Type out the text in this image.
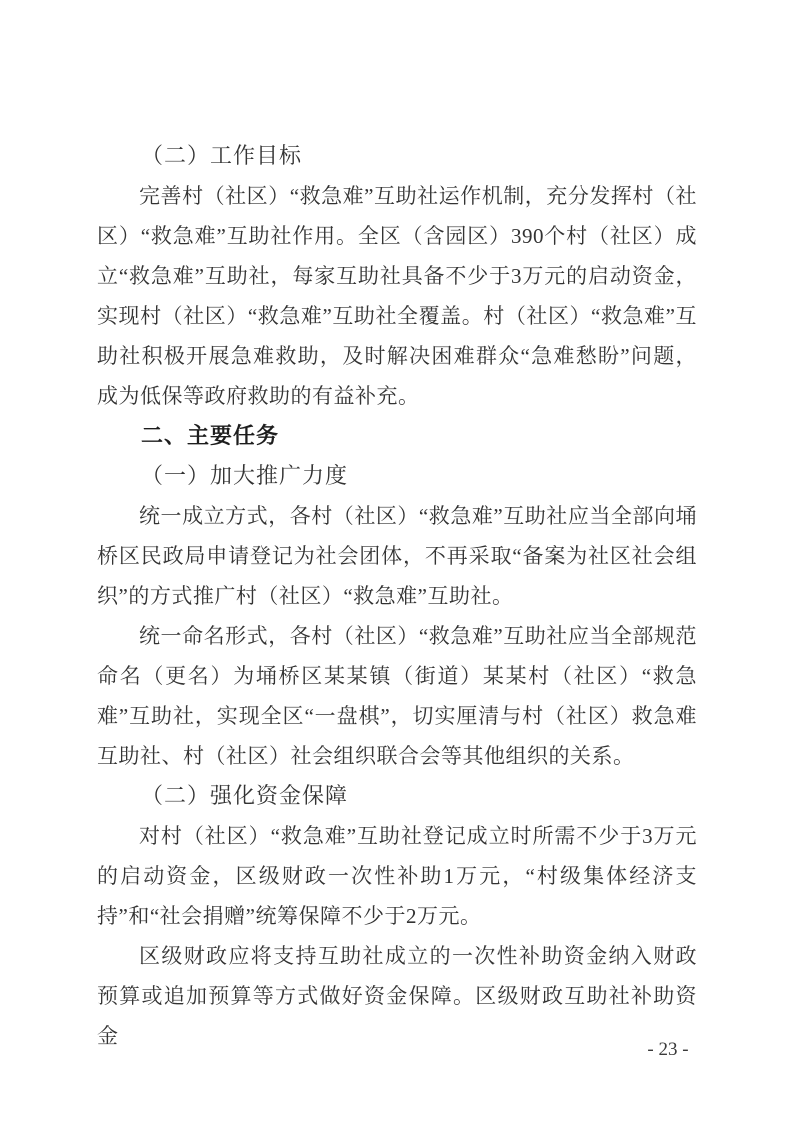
（二）工作目标

完善村（社区）“救急难”互助社运作机制，充分发挥村（社区）“救急难”互助社作用。全区（含园区）390个村（社区）成立“救急难”互助社，每家互助社具备不少于3万元的启动资金，实现村（社区）“救急难”互助社全覆盖。村（社区）“救急难”互助社积极开展急难救助，及时解决困难群众“急难愁盼”问题，成为低保等政府救助的有益补充。

二、主要任务
（一）加大推广力度

统一成立方式，各村（社区）“救急难”互助社应当全部向埇桥区民政局申请登记为社会团体，不再采取“备案为社区社会组织”的方式推广村（社区）“救急难”互助社。

统一命名形式，各村（社区）“救急难”互助社应当全部规范命名（更名）为埇桥区某某镇（街道）某某村（社区）“救急难”互助社，实现全区“一盘棋”，切实厘清与村（社区）救急难互助社、村（社区）社会组织联合会等其他组织的关系。

（二）强化资金保障

对村（社区）“救急难”互助社登记成立时所需不少于3万元的启动资金，区级财政一次性补助1万元，“村级集体经济支持”和“社会捐赠”统筹保障不少于2万元。

区级财政应将支持互助社成立的一次性补助资金纳入财政预算或追加预算等方式做好资金保障。区级财政互助社补助资金

- 23 -
